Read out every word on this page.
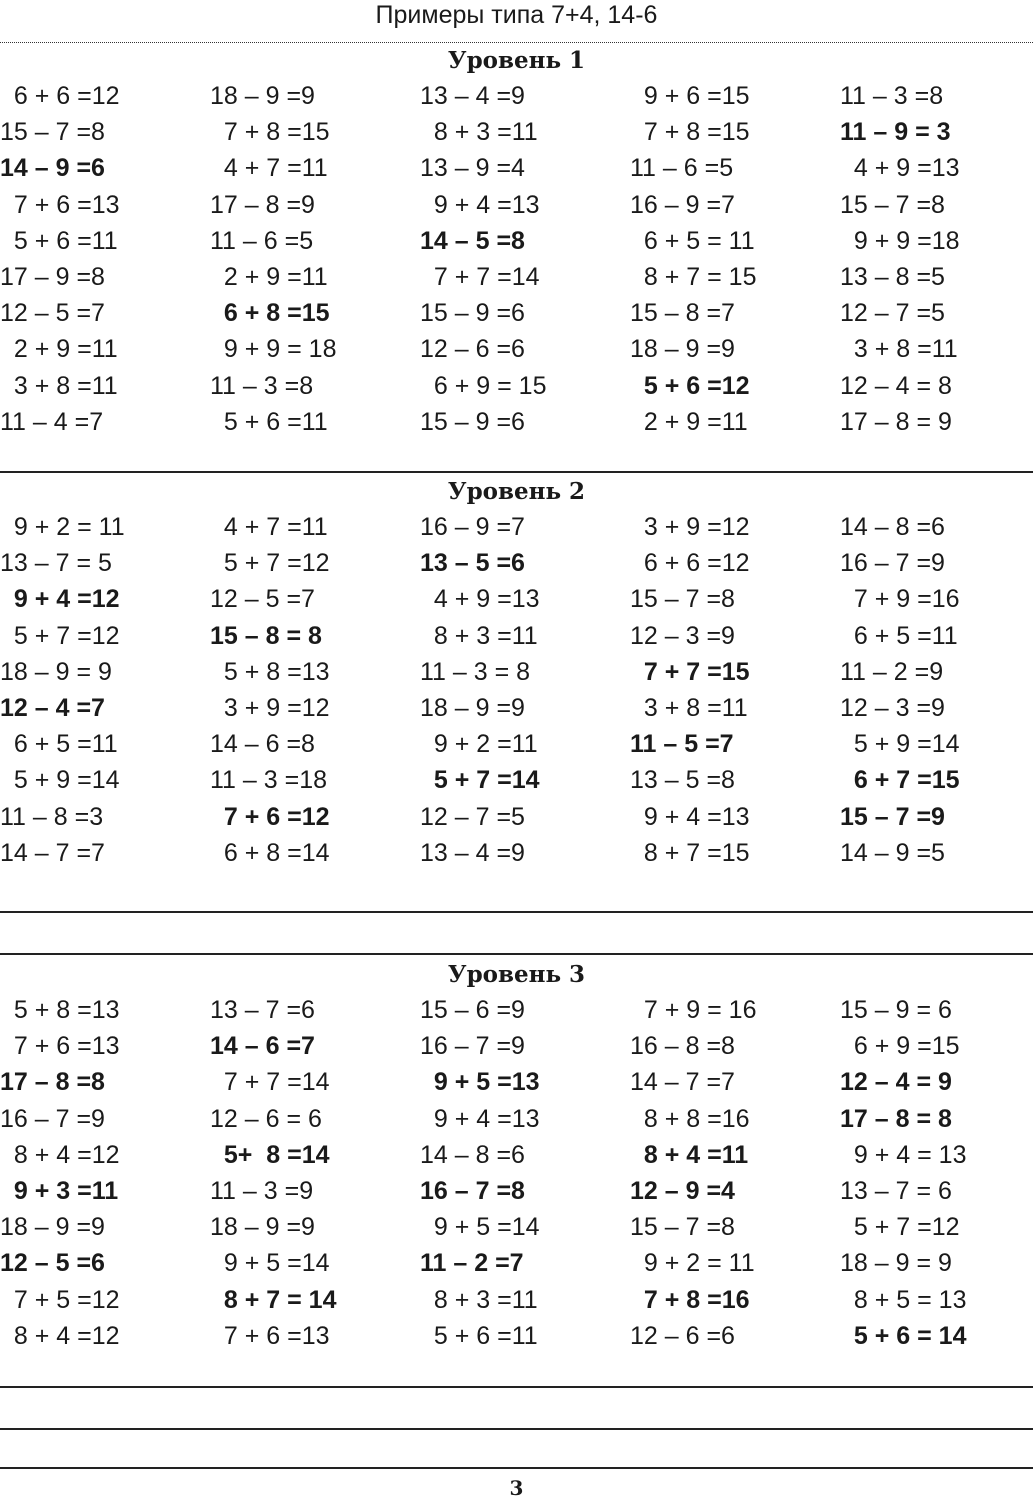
Примеры типа 7+4, 14-6
Уровень 1
6 + 6 =12	18 – 9 =9	13 – 4 =9	9 + 6 =15	11 – 3 =8
15 – 7 =8	7 + 8 =15	8 + 3 =11	7 + 8 =15	11 – 9 = 3
14 – 9 =6	4 + 7 =11	13 – 9 =4	11 – 6 =5	4 + 9 =13
7 + 6 =13	17 – 8 =9	9 + 4 =13	16 – 9 =7	15 – 7 =8
5 + 6 =11	11 – 6 =5	14 – 5 =8	6 + 5 = 11	9 + 9 =18
17 – 9 =8	2 + 9 =11	7 + 7 =14	8 + 7 = 15	13 – 8 =5
12 – 5 =7	6 + 8 =15	15 – 9 =6	15 – 8 =7	12 – 7 =5
2 + 9 =11	9 + 9 = 18	12 – 6 =6	18 – 9 =9	3 + 8 =11
3 + 8 =11	11 – 3 =8	6 + 9 = 15	5 + 6 =12	12 – 4 = 8
11 – 4 =7	5 + 6 =11	15 – 9 =6	2 + 9 =11	17 – 8 = 9
Уровень 2
9 + 2 = 11	4 + 7 =11	16 – 9 =7	3 + 9 =12	14 – 8 =6
13 – 7 = 5	5 + 7 =12	13 – 5 =6	6 + 6 =12	16 – 7 =9
9 + 4 =12	12 – 5 =7	4 + 9 =13	15 – 7 =8	7 + 9 =16
5 + 7 =12	15 – 8 = 8	8 + 3 =11	12 – 3 =9	6 + 5 =11
18 – 9 = 9	5 + 8 =13	11 – 3 = 8	7 + 7 =15	11 – 2 =9
12 – 4 =7	3 + 9 =12	18 – 9 =9	3 + 8 =11	12 – 3 =9
6 + 5 =11	14 – 6 =8	9 + 2 =11	11 – 5 =7	5 + 9 =14
5 + 9 =14	11 – 3 =18	5 + 7 =14	13 – 5 =8	6 + 7 =15
11 – 8 =3	7 + 6 =12	12 – 7 =5	9 + 4 =13	15 – 7 =9
14 – 7 =7	6 + 8 =14	13 – 4 =9	8 + 7 =15	14 – 9 =5
Уровень 3
5 + 8 =13	13 – 7 =6	15 – 6 =9	7 + 9 = 16	15 – 9 = 6
7 + 6 =13	14 – 6 =7	16 – 7 =9	16 – 8 =8	6 + 9 =15
17 – 8 =8	7 + 7 =14	9 + 5 =13	14 – 7 =7	12 – 4 = 9
16 – 7 =9	12 – 6 = 6	9 + 4 =13	8 + 8 =16	17 – 8 = 8
8 + 4 =12	5+  8 =14	14 – 8 =6	8 + 4 =11	9 + 4 = 13
9 + 3 =11	11 – 3 =9	16 – 7 =8	12 – 9 =4	13 – 7 = 6
18 – 9 =9	18 – 9 =9	9 + 5 =14	15 – 7 =8	5 + 7 =12
12 – 5 =6	9 + 5 =14	11 – 2 =7	9 + 2 = 11	18 – 9 = 9
7 + 5 =12	8 + 7 = 14	8 + 3 =11	7 + 8 =16	8 + 5 = 13
8 + 4 =12	7 + 6 =13	5 + 6 =11	12 – 6 =6	5 + 6 = 14
3
